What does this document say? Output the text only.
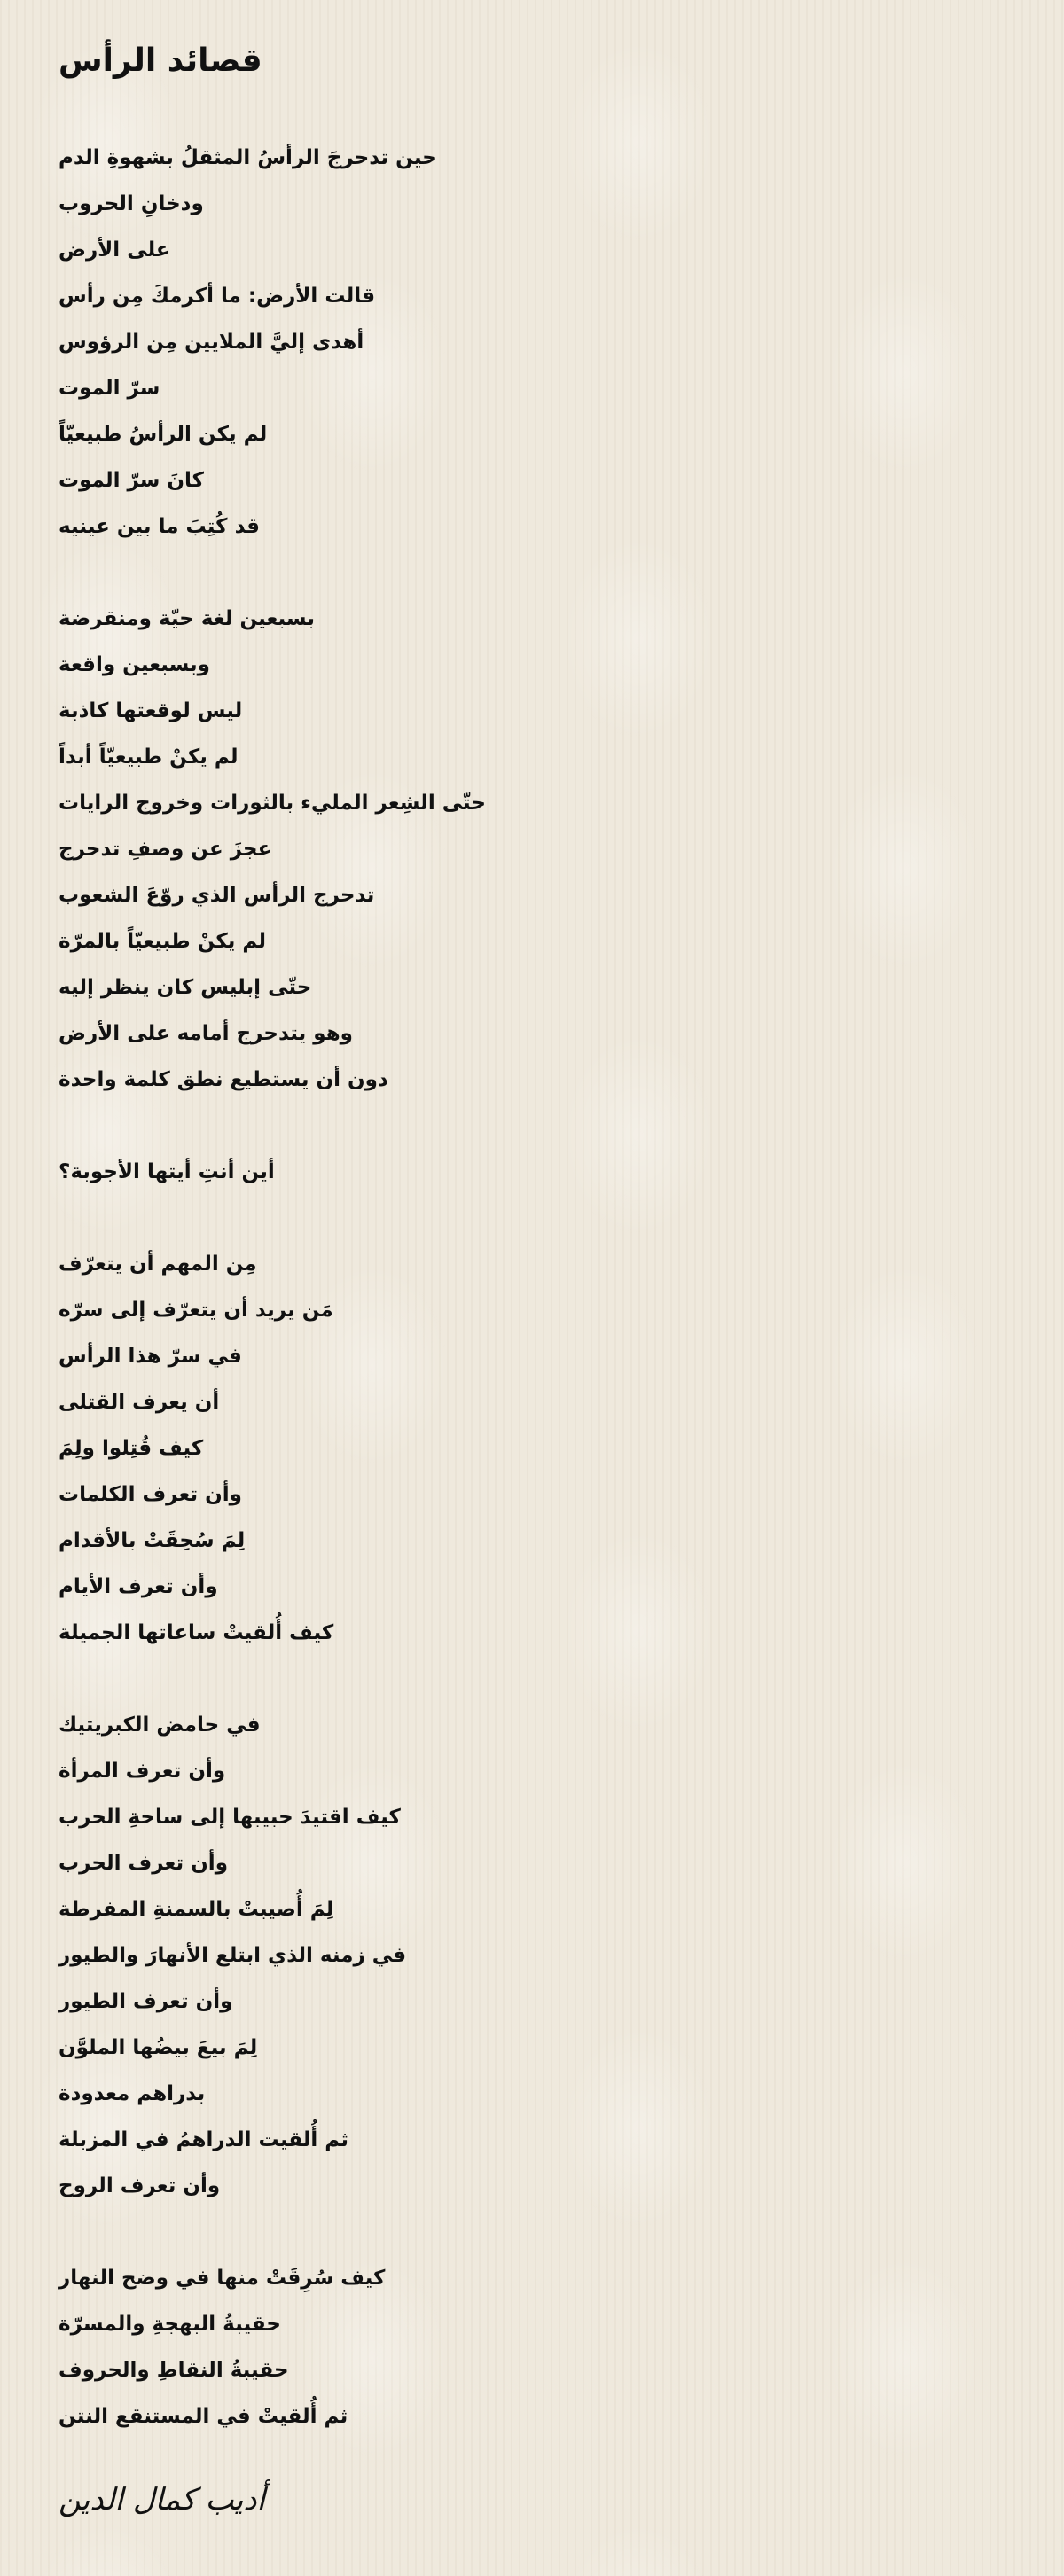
قصائد الرأس
حين تدحرجَ الرأسُ المثقلُ بشهوةِ الدم
ودخانِ الحروب
على الأرض
قالت الأرض: ما أكرمكَ مِن رأس
أهدى إليَّ الملايين مِن الرؤوس
سرّ الموت
لم يكن الرأسُ طبيعيّاً
كانَ سرّ الموت
قد كُتِبَ ما بين عينيه
بسبعين لغة حيّة ومنقرضة
وبسبعين واقعة
ليس لوقعتها كاذبة
لم يكنْ طبيعيّاً أبداً
حتّى الشِعر المليء بالثورات وخروج الرايات
عجزَ عن وصفِ تدحرج
تدحرج الرأس الذي روّعَ الشعوب
لم يكنْ طبيعيّاً بالمرّة
حتّى إبليس كان ينظر إليه
وهو يتدحرج أمامه على الأرض
دون أن يستطيع نطق كلمة واحدة
أين أنتِ أيتها الأجوبة؟
مِن المهم أن يتعرّف
مَن يريد أن يتعرّف إلى سرّه
في سرّ هذا الرأس
أن يعرف القتلى
كيف قُتِلوا ولِمَ
وأن تعرف الكلمات
لِمَ سُحِقَتْ بالأقدام
وأن تعرف الأيام
كيف أُلقيتْ ساعاتها الجميلة
في حامض الكبريتيك
وأن تعرف المرأة
كيف اقتيدَ حبيبها إلى ساحةِ الحرب
وأن تعرف الحرب
لِمَ أُصيبتْ بالسمنةِ المفرطة
في زمنه الذي ابتلع الأنهارَ والطيور
وأن تعرف الطيور
لِمَ بيعَ بيضُها الملوَّن
بدراهم معدودة
ثم أُلقيت الدراهمُ في المزبلة
وأن تعرف الروح
كيف سُرِقَتْ منها في وضح النهار
حقيبةُ البهجةِ والمسرّة
حقيبةُ النقاطِ والحروف
ثم أُلقيتْ في المستنقع النتن

أديب كمال الدين
